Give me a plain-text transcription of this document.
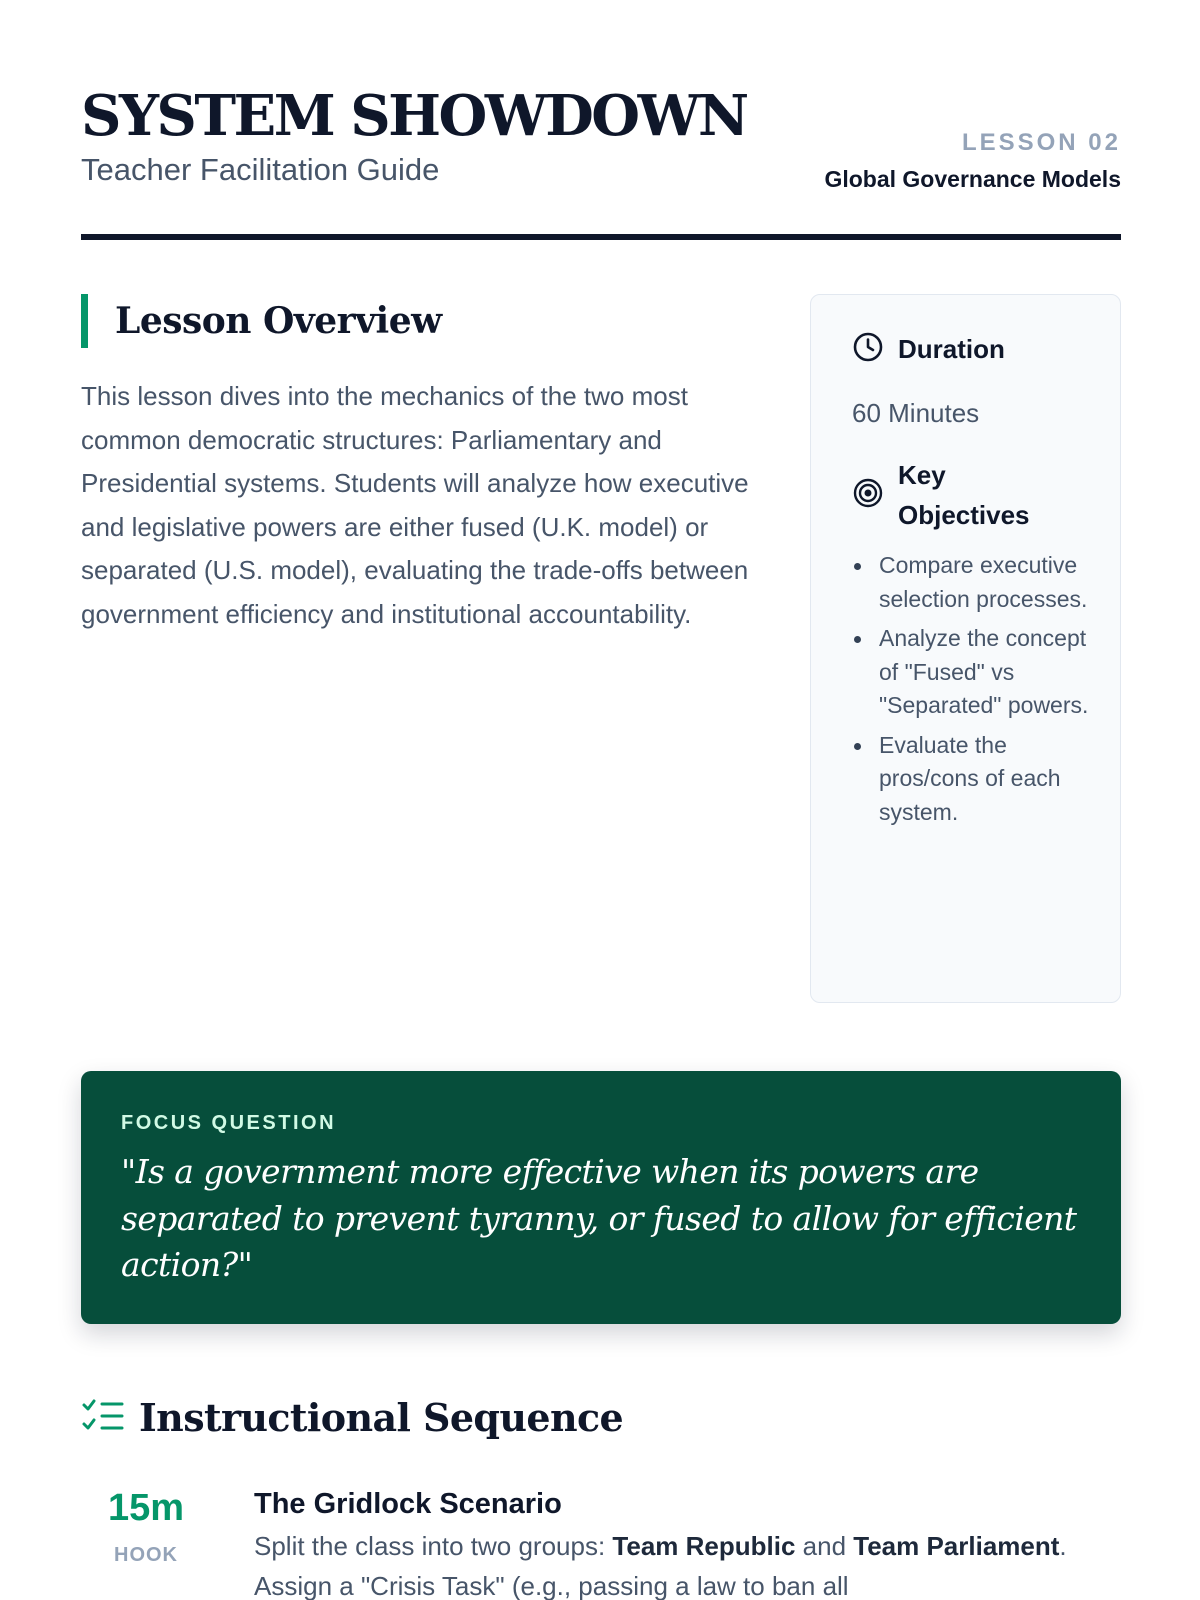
SYSTEM SHOWDOWN
Teacher Facilitation Guide
LESSON 02
Global Governance Models
Lesson Overview

This lesson dives into the mechanics of the two most common democratic structures: Parliamentary and Presidential systems. Students will analyze how executive and legislative powers are either fused (U.K. model) or separated (U.S. model), evaluating the trade-offs between government efficiency and institutional accountability.

Duration
60 Minutes
Key
Objectives
Compare executive selection processes.
Analyze the concept of "Fused" vs "Separated" powers.
Evaluate the pros/cons of each system.
FOCUS QUESTION
"Is a government more effective when its powers are separated to prevent tyranny, or fused to allow for efficient action?"
Instructional Sequence
15m
HOOK
The Gridlock Scenario
Split the class into two groups: Team Republic and Team Parliament. Assign a "Crisis Task" (e.g., passing a law to ban all
